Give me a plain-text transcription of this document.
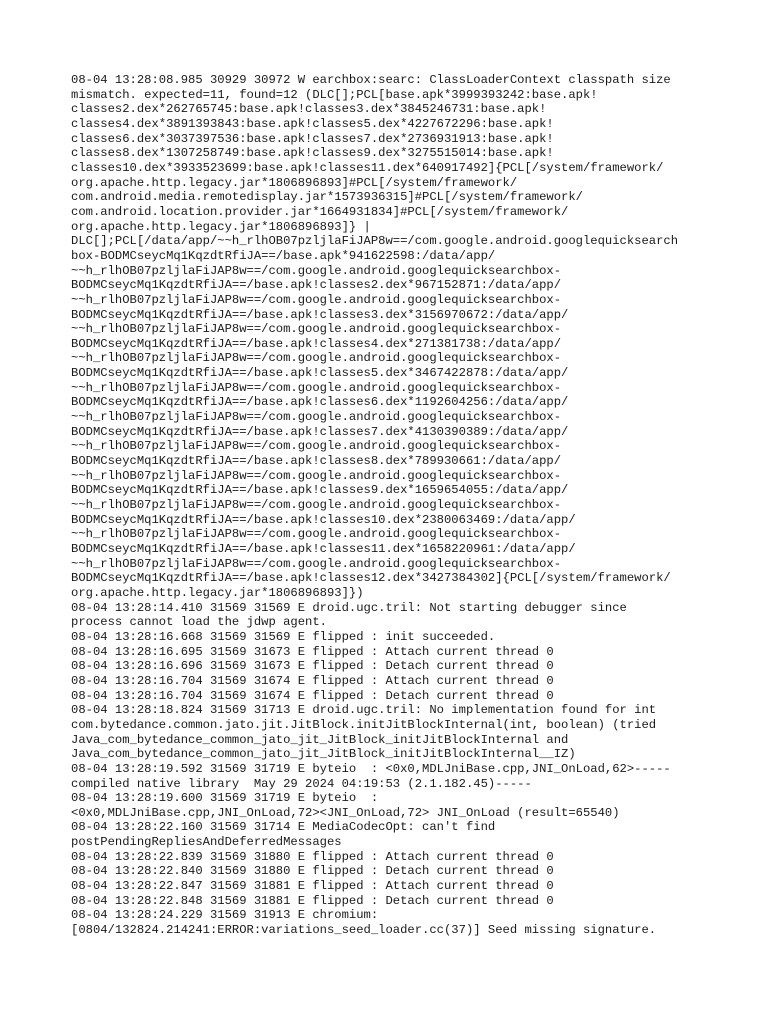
08-04 13:28:08.985 30929 30972 W earchbox:searc: ClassLoaderContext classpath size
mismatch. expected=11, found=12 (DLC[];PCL[base.apk*3999393242:base.apk!
classes2.dex*262765745:base.apk!classes3.dex*3845246731:base.apk!
classes4.dex*3891393843:base.apk!classes5.dex*4227672296:base.apk!
classes6.dex*3037397536:base.apk!classes7.dex*2736931913:base.apk!
classes8.dex*1307258749:base.apk!classes9.dex*3275515014:base.apk!
classes10.dex*3933523699:base.apk!classes11.dex*640917492]{PCL[/system/framework/
org.apache.http.legacy.jar*1806896893]#PCL[/system/framework/
com.android.media.remotedisplay.jar*1573936315]#PCL[/system/framework/
com.android.location.provider.jar*1664931834]#PCL[/system/framework/
org.apache.http.legacy.jar*1806896893]} |
DLC[];PCL[/data/app/~~h_rlhOB07pzljlaFiJAP8w==/com.google.android.googlequicksearch
box-BODMCseycMq1KqzdtRfiJA==/base.apk*941622598:/data/app/
~~h_rlhOB07pzljlaFiJAP8w==/com.google.android.googlequicksearchbox-
BODMCseycMq1KqzdtRfiJA==/base.apk!classes2.dex*967152871:/data/app/
~~h_rlhOB07pzljlaFiJAP8w==/com.google.android.googlequicksearchbox-
BODMCseycMq1KqzdtRfiJA==/base.apk!classes3.dex*3156970672:/data/app/
~~h_rlhOB07pzljlaFiJAP8w==/com.google.android.googlequicksearchbox-
BODMCseycMq1KqzdtRfiJA==/base.apk!classes4.dex*271381738:/data/app/
~~h_rlhOB07pzljlaFiJAP8w==/com.google.android.googlequicksearchbox-
BODMCseycMq1KqzdtRfiJA==/base.apk!classes5.dex*3467422878:/data/app/
~~h_rlhOB07pzljlaFiJAP8w==/com.google.android.googlequicksearchbox-
BODMCseycMq1KqzdtRfiJA==/base.apk!classes6.dex*1192604256:/data/app/
~~h_rlhOB07pzljlaFiJAP8w==/com.google.android.googlequicksearchbox-
BODMCseycMq1KqzdtRfiJA==/base.apk!classes7.dex*4130390389:/data/app/
~~h_rlhOB07pzljlaFiJAP8w==/com.google.android.googlequicksearchbox-
BODMCseycMq1KqzdtRfiJA==/base.apk!classes8.dex*789930661:/data/app/
~~h_rlhOB07pzljlaFiJAP8w==/com.google.android.googlequicksearchbox-
BODMCseycMq1KqzdtRfiJA==/base.apk!classes9.dex*1659654055:/data/app/
~~h_rlhOB07pzljlaFiJAP8w==/com.google.android.googlequicksearchbox-
BODMCseycMq1KqzdtRfiJA==/base.apk!classes10.dex*2380063469:/data/app/
~~h_rlhOB07pzljlaFiJAP8w==/com.google.android.googlequicksearchbox-
BODMCseycMq1KqzdtRfiJA==/base.apk!classes11.dex*1658220961:/data/app/
~~h_rlhOB07pzljlaFiJAP8w==/com.google.android.googlequicksearchbox-
BODMCseycMq1KqzdtRfiJA==/base.apk!classes12.dex*3427384302]{PCL[/system/framework/
org.apache.http.legacy.jar*1806896893]})
08-04 13:28:14.410 31569 31569 E droid.ugc.tril: Not starting debugger since
process cannot load the jdwp agent.
08-04 13:28:16.668 31569 31569 E flipped : init succeeded.
08-04 13:28:16.695 31569 31673 E flipped : Attach current thread 0
08-04 13:28:16.696 31569 31673 E flipped : Detach current thread 0
08-04 13:28:16.704 31569 31674 E flipped : Attach current thread 0
08-04 13:28:16.704 31569 31674 E flipped : Detach current thread 0
08-04 13:28:18.824 31569 31713 E droid.ugc.tril: No implementation found for int
com.bytedance.common.jato.jit.JitBlock.initJitBlockInternal(int, boolean) (tried
Java_com_bytedance_common_jato_jit_JitBlock_initJitBlockInternal and
Java_com_bytedance_common_jato_jit_JitBlock_initJitBlockInternal__IZ)
08-04 13:28:19.592 31569 31719 E byteio  : <0x0,MDLJniBase.cpp,JNI_OnLoad,62>-----
compiled native library  May 29 2024 04:19:53 (2.1.182.45)-----
08-04 13:28:19.600 31569 31719 E byteio  :
<0x0,MDLJniBase.cpp,JNI_OnLoad,72><JNI_OnLoad,72> JNI_OnLoad (result=65540)
08-04 13:28:22.160 31569 31714 E MediaCodecOpt: can't find
postPendingRepliesAndDeferredMessages
08-04 13:28:22.839 31569 31880 E flipped : Attach current thread 0
08-04 13:28:22.840 31569 31880 E flipped : Detach current thread 0
08-04 13:28:22.847 31569 31881 E flipped : Attach current thread 0
08-04 13:28:22.848 31569 31881 E flipped : Detach current thread 0
08-04 13:28:24.229 31569 31913 E chromium:
[0804/132824.214241:ERROR:variations_seed_loader.cc(37)] Seed missing signature.
